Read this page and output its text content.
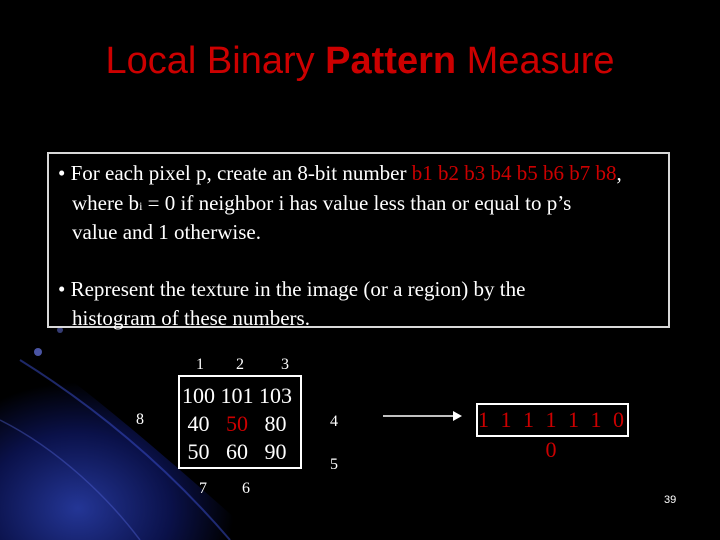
Local Binary Pattern Measure
• For each pixel p, create an 8-bit number b1 b2 b3 b4 b5 b6 b7 b8,
where bi = 0 if neighbor i has value less than or equal to p’s
value and 1 otherwise.
• Represent the texture in the image (or a region) by the
histogram of these numbers.
1 2 3
4
5
6
7
8
100 101 103
40   50   80
50   60   90
1 1 1 1 1 1 0 0
39
